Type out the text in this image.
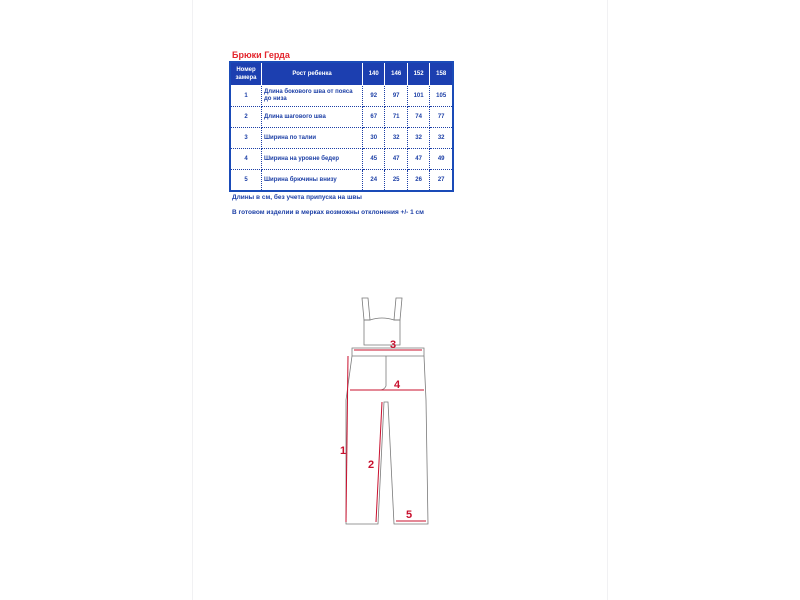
Брюки Герда
Номер замера	Рост ребенка	140	146	152	158
1	Длина бокового шва от пояса до низа	92	97	101	105
2	Длина шагового шва	67	71	74	77
3	Ширина по талии	30	32	32	32
4	Ширина на уровне бедер	45	47	47	49
5	Ширина брючины внизу	24	25	26	27
Длины в см, без учета припуска на швы
В готовом изделии в мерках возможны отклонения +/- 1 см
1
2
3
4
5
